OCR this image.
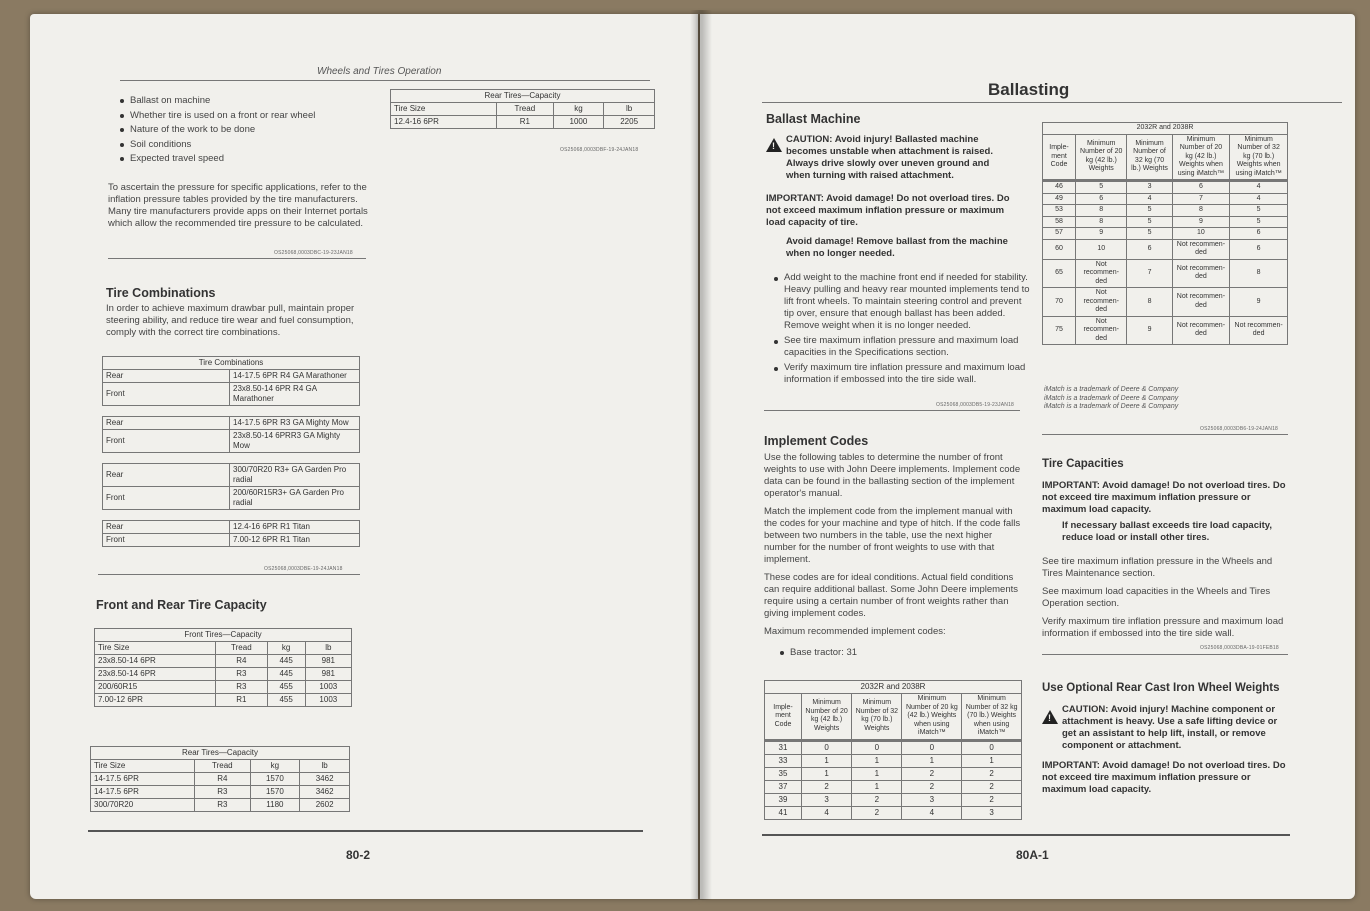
Wheels and Tires Operation
Ballast on machine
Whether tire is used on a front or rear wheel
Nature of the work to be done
Soil conditions
Expected travel speed
To ascertain the pressure for specific applications, refer to the inflation pressure tables provided by the tire manufacturers. Many tire manufacturers provide apps on their Internet portals which allow the recommended tire pressure to be calculated.
OS25068,0003DBC-19-23JAN18
Rear Tires—Capacity			
Tire Size	Tread	kg	lb
12.4-16 6PR	R1	1000	2205
OS25068,0003DBF-19-24JAN18
Tire Combinations
In order to achieve maximum drawbar pull, maintain proper steering ability, and reduce tire wear and fuel consumption, comply with the correct tire combinations.
Tire Combinations	
Rear	14-17.5 6PR R4 GA Marathoner
Front	23x8.50-14 6PR R4 GA Marathoner

Rear	14-17.5 6PR R3 GA Mighty Mow
Front	23x8.50-14 6PRR3 GA Mighty Mow

Rear	300/70R20 R3+ GA Garden Pro radial
Front	200/60R15R3+ GA Garden Pro radial

Rear	12.4-16 6PR R1 Titan
Front	7.00-12 6PR R1 Titan
OS25068,0003DBE-19-24JAN18
Front and Rear Tire Capacity
Front Tires—Capacity			
Tire Size	Tread	kg	lb
23x8.50-14 6PR	R4	445	981
23x8.50-14 6PR	R3	445	981
200/60R15	R3	455	1003
7.00-12 6PR	R1	455	1003
Rear Tires—Capacity			
Tire Size	Tread	kg	lb
14-17.5 6PR	R4	1570	3462
14-17.5 6PR	R3	1570	3462
300/70R20	R3	1180	2602
80-2
Ballasting
Ballast Machine
!
CAUTION: Avoid injury! Ballasted machine becomes unstable when attachment is raised. Always drive slowly over uneven ground and when turning with raised attachment.
IMPORTANT: Avoid damage! Do not overload tires. Do not exceed maximum inflation pressure or maximum load capacity of tire.
Avoid damage! Remove ballast from the machine when no longer needed.
Add weight to the machine front end if needed for stability. Heavy pulling and heavy rear mounted implements tend to lift front wheels. To maintain steering control and prevent tip over, ensure that enough ballast has been added. Remove weight when it is no longer needed.
See tire maximum inflation pressure and maximum load capacities in the Specifications section.
Verify maximum tire inflation pressure and maximum load information if embossed into the tire side wall.
OS25068,0003DB5-19-23JAN18
Implement Codes

Use the following tables to determine the number of front weights to use with John Deere implements. Implement code data can be found in the ballasting section of the implement operator's manual.

Match the implement code from the implement manual with the codes for your machine and type of hitch. If the code falls between two numbers in the table, use the next higher number for the number of front weights to use with that implement.

These codes are for ideal conditions. Actual field conditions can require additional ballast. Some John Deere implements require using a certain number of front weights rather than giving implement codes.

Maximum recommended implement codes:

Base tractor: 31
2032R and 2038R				
Imple-ment Code	Minimum Number of 20 kg (42 lb.) Weights	Minimum Number of 32 kg (70 lb.) Weights	Minimum Number of 20 kg (42 lb.) Weights when using iMatch™	Minimum Number of 32 kg (70 lb.) Weights when using iMatch™
31	0	0	0	0
33	1	1	1	1
35	1	1	2	2
37	2	1	2	2
39	3	2	3	2
41	4	2	4	3
2032R and 2038R				
Imple-ment Code	Minimum Number of 20 kg (42 lb.) Weights	Minimum Number of 32 kg (70 lb.) Weights	Minimum Number of 20 kg (42 lb.) Weights when using iMatch™	Minimum Number of 32 kg (70 lb.) Weights when using iMatch™
46	5	3	6	4
49	6	4	7	4
53	8	5	8	5
58	8	5	9	5
57	9	5	10	6
60	10	6	Not recommen-ded	6
65	Not recommen-ded	7	Not recommen-ded	8
70	Not recommen-ded	8	Not recommen-ded	9
75	Not recommen-ded	9	Not recommen-ded	Not recommen-ded
iMatch is a trademark of Deere & Company
iMatch is a trademark of Deere & Company
iMatch is a trademark of Deere & Company
OS25068,0003DB6-19-24JAN18
Tire Capacities
IMPORTANT: Avoid damage! Do not overload tires. Do not exceed tire maximum inflation pressure or maximum load capacity.
If necessary ballast exceeds tire load capacity, reduce load or install other tires.

See tire maximum inflation pressure in the Wheels and Tires Maintenance section.

See maximum load capacities in the Wheels and Tires Operation section.

Verify maximum tire inflation pressure and maximum load information if embossed into the tire side wall.

OS25068,0003DBA-19-01FEB18
Use Optional Rear Cast Iron Wheel Weights
!
CAUTION: Avoid injury! Machine component or attachment is heavy. Use a safe lifting device or get an assistant to help lift, install, or remove component or attachment.
IMPORTANT: Avoid damage! Do not overload tires. Do not exceed tire maximum inflation pressure or maximum load capacity.
80A-1
